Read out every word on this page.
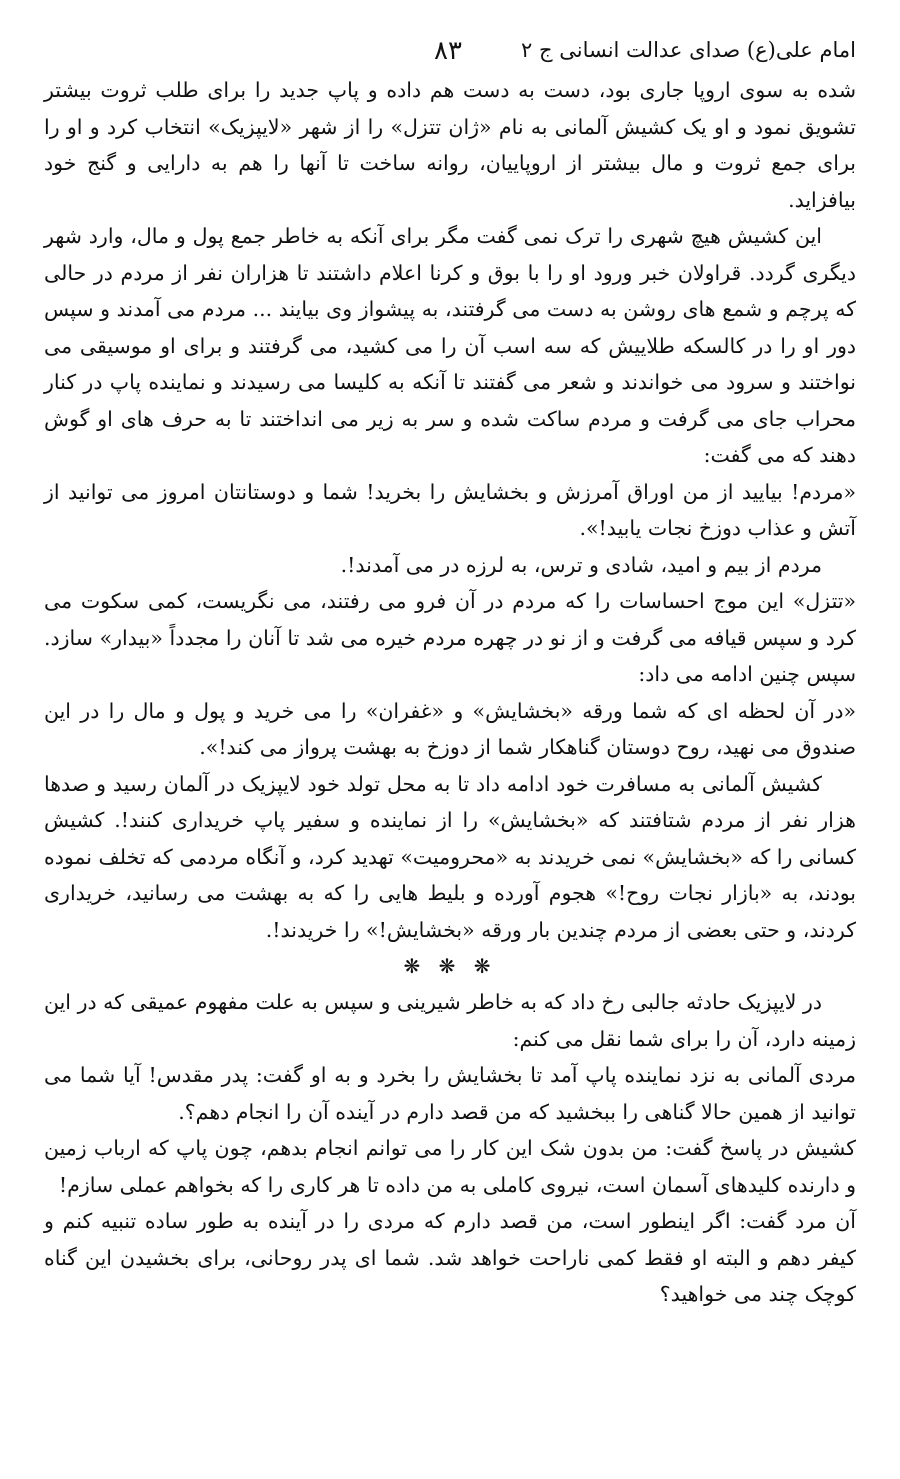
امام علی(ع) صدای عدالت انسانی ج ۲
۸۳

شده به سوی اروپا جاری بود، دست به دست هم داده و پاپ جدید را برای طلب ثروت بیشتر تشویق نمود و او یک کشیش آلمانی به نام «ژان تتزل» را از شهر «لایپزیک» انتخاب کرد و او را برای جمع ثروت و مال بیشتر از اروپاییان، روانه ساخت تا آنها را هم به دارایی و گنج خود بیافزاید.

این کشیش هیچ شهری را ترک نمی گفت مگر برای آنکه به خاطر جمع پول و مال، وارد شهر دیگری گردد. قراولان خبر ورود او را با بوق و کرنا اعلام داشتند تا هزاران نفر از مردم در حالی که پرچم و شمع های روشن به دست می گرفتند، به پیشواز وی بیایند ... مردم می آمدند و سپس دور او را در کالسکه طلاییش که سه اسب آن را می کشید، می گرفتند و برای او موسیقی می نواختند و سرود می خواندند و شعر می گفتند تا آنکه به کلیسا می رسیدند و نماینده پاپ در کنار محراب جای می گرفت و مردم ساکت شده و سر به زیر می انداختند تا به حرف های او گوش دهند که می گفت:

«مردم! بیایید از من اوراق آمرزش و بخشایش را بخرید! شما و دوستانتان امروز می توانید از آتش و عذاب دوزخ نجات یابید!».

مردم از بیم و امید، شادی و ترس، به لرزه در می آمدند!.

«تتزل» این موج احساسات را که مردم در آن فرو می رفتند، می نگریست، کمی سکوت می کرد و سپس قیافه می گرفت و از نو در چهره مردم خیره می شد تا آنان را مجدداً «بیدار» سازد. سپس چنین ادامه می داد:

«در آن لحظه ای که شما ورقه «بخشایش» و «غفران» را می خرید و پول و مال را در این صندوق می نهید، روح دوستان گناهکار شما از دوزخ به بهشت پرواز می کند!».

کشیش آلمانی به مسافرت خود ادامه داد تا به محل تولد خود لایپزیک در آلمان رسید و صدها هزار نفر از مردم شتافتند که «بخشایش» را از نماینده و سفیر پاپ خریداری کنند!. کشیش کسانی را که «بخشایش» نمی خریدند به «محرومیت» تهدید کرد، و آنگاه مردمی که تخلف نموده بودند، به «بازار نجات روح!» هجوم آورده و بلیط هایی را که به بهشت می رسانید، خریداری کردند، و حتی بعضی از مردم چندین بار ورقه «بخشایش!» را خریدند!.

❋ ❋ ❋

در لایپزیک حادثه جالبی رخ داد که به خاطر شیرینی و سپس به علت مفهوم عمیقی که در این زمینه دارد، آن را برای شما نقل می کنم:

مردی آلمانی به نزد نماینده پاپ آمد تا بخشایش را بخرد و به او گفت: پدر مقدس! آیا شما می توانید از همین حالا گناهی را ببخشید که من قصد دارم در آینده آن را انجام دهم؟.

کشیش در پاسخ گفت: من بدون شک این کار را می توانم انجام بدهم، چون پاپ که ارباب زمین و دارنده کلیدهای آسمان است، نیروی کاملی به من داده تا هر کاری را که بخواهم عملی سازم!

آن مرد گفت: اگر اینطور است، من قصد دارم که مردی را در آینده به طور ساده تنبیه کنم و کیفر دهم و البته او فقط کمی ناراحت خواهد شد. شما ای پدر روحانی، برای بخشیدن این گناه کوچک چند می خواهید؟
